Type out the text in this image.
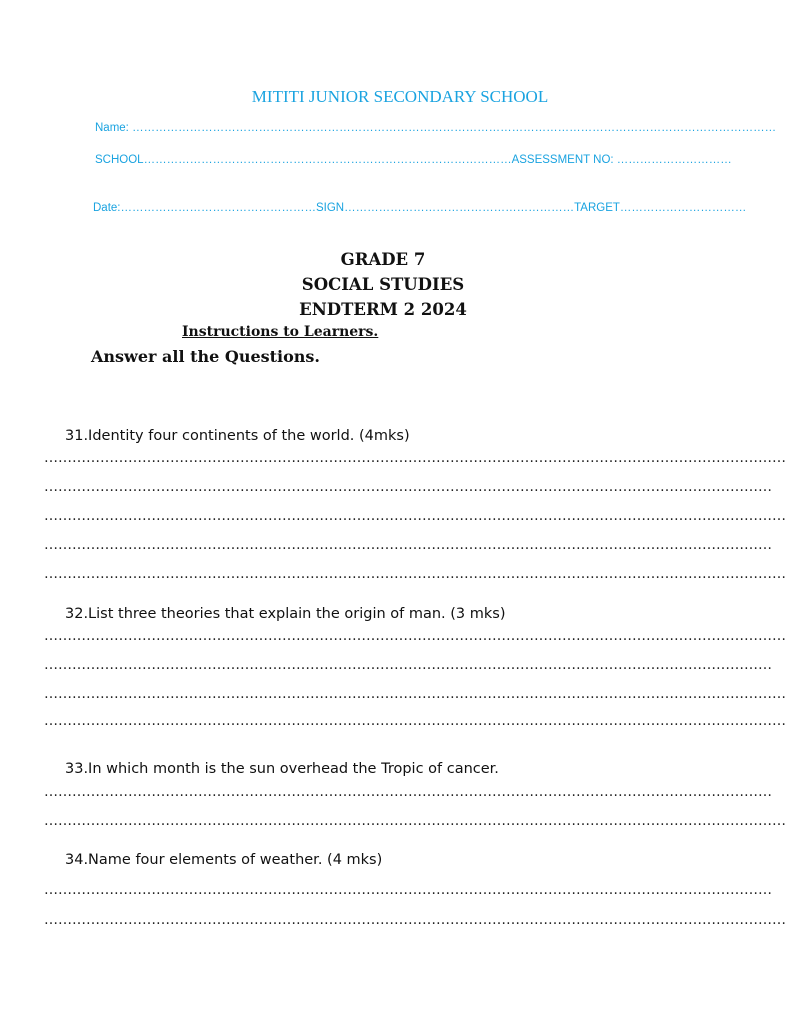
MITITI JUNIOR SECONDARY SCHOOL
Name: ……………………………………………………………………………………………………………………………………………………
SCHOOL……………………………………………………………………………………ASSESSMENT NO: …………………………
Date:……………………………………………SIGN……………………………………………………TARGET……………………………
GRADE 7
SOCIAL STUDIES
ENDTERM 2 2024
Instructions to Learners.
Answer all the Questions.
31.Identity four continents of the world. (4mks)
……………………………………………………………………………………………………………………………………………
…………………………………………………………………………………………………………………………………………
……………………………………………………………………………………………………………………………………………
…………………………………………………………………………………………………………………………………………
……………………………………………………………………………………………………………………………………………
32.List three theories that explain the origin of man. (3 mks)
……………………………………………………………………………………………………………………………………………
…………………………………………………………………………………………………………………………………………
……………………………………………………………………………………………………………………………………………
……………………………………………………………………………………………………………………………………………
33.In which month is the sun overhead the Tropic of cancer.
…………………………………………………………………………………………………………………………………………
……………………………………………………………………………………………………………………………………………
34.Name four elements of weather. (4 mks)
…………………………………………………………………………………………………………………………………………
……………………………………………………………………………………………………………………………………………
